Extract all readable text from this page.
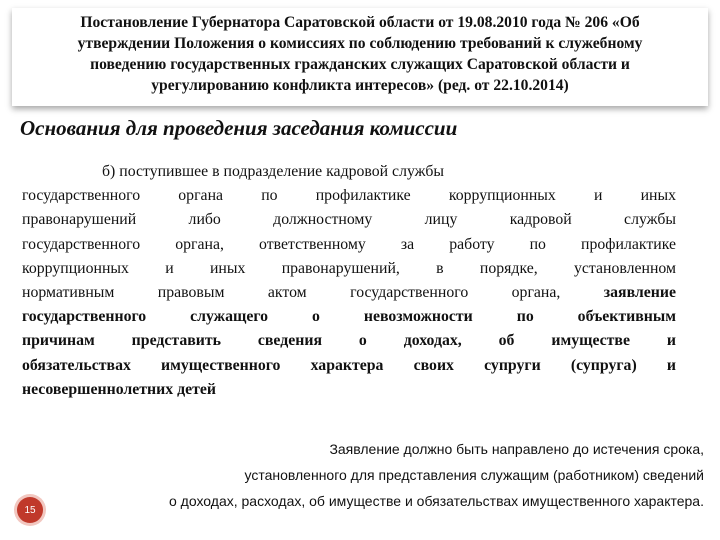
Постановление Губернатора Саратовской области от 19.08.2010 года № 206 «Об
утверждении Положения о комиссиях по соблюдению требований к служебному
поведению государственных гражданских служащих Саратовской области и
урегулированию конфликта интересов» (ред. от 22.10.2014)
Основания для проведения заседания комиссии
б) поступившее в подразделение кадровой службы
государственного органа по профилактике коррупционных и иных
правонарушений либо должностному лицу кадровой службы
государственного органа, ответственному за работу по профилактике
коррупционных и иных правонарушений, в порядке, установленном
нормативным правовым актом государственного органа, заявление
государственного служащего о невозможности по объективным
причинам представить сведения о доходах, об имуществе и
обязательствах имущественного характера своих супруги (супруга) и
несовершеннолетних детей
Заявление должно быть направлено до истечения срока,
установленного для представления служащим (работником) сведений
о доходах, расходах, об имуществе и обязательствах имущественного характера.
15
